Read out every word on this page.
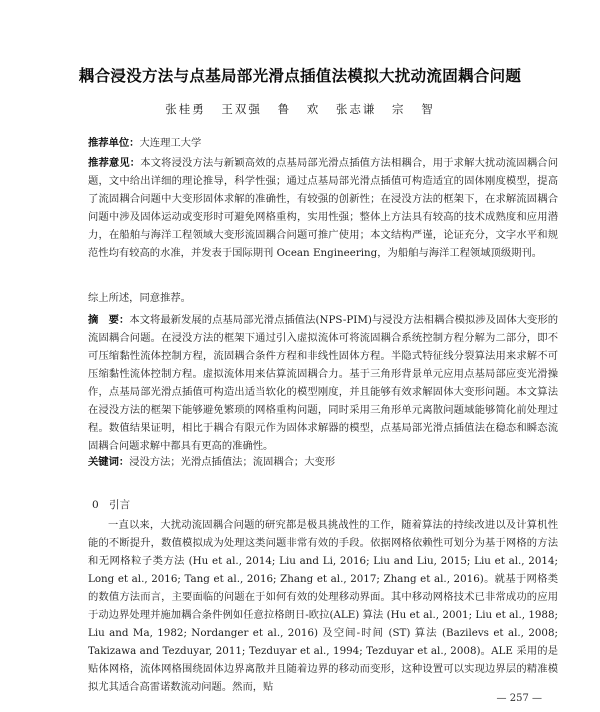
耦合浸没方法与点基局部光滑点插值法模拟大扰动流固耦合问题
张桂勇 王双强 鲁 欢 张志谦 宗 智
推荐单位：大连理工大学
推荐意见：本文将浸没方法与新颖高效的点基局部光滑点插值方法相耦合，用于求解大扰动流固耦合问题，文中给出详细的理论推导，科学性强；通过点基局部光滑点插值可构造适宜的固体刚度模型，提高了流固耦合问题中大变形固体求解的准确性，有较强的创新性；在浸没方法的框架下，在求解流固耦合问题中涉及固体运动或变形时可避免网格重构，实用性强；整体上方法具有较高的技术成熟度和应用潜力，在船舶与海洋工程领域大变形流固耦合问题可推广使用；本文结构严谨，论证充分，文字水平和规范性均有较高的水准，并发表于国际期刊 Ocean Engineering，为船舶与海洋工程领域顶级期刊。
综上所述，同意推荐。
摘　要：本文将最新发展的点基局部光滑点插值法(NPS-PIM)与浸没方法相耦合模拟涉及固体大变形的流固耦合问题。在浸没方法的框架下通过引入虚拟流体可将流固耦合系统控制方程分解为二部分，即不可压缩黏性流体控制方程，流固耦合条件方程和非线性固体方程。半隐式特征线分裂算法用来求解不可压缩黏性流体控制方程。虚拟流体用来估算流固耦合力。基于三角形背景单元应用点基局部应变光滑操作，点基局部光滑点插值可构造出适当软化的模型刚度，并且能够有效求解固体大变形问题。本文算法在浸没方法的框架下能够避免繁琐的网格重构问题，同时采用三角形单元离散问题域能够简化前处理过程。数值结果证明，相比于耦合有限元作为固体求解器的模型，点基局部光滑点插值法在稳态和瞬态流固耦合问题求解中都具有更高的准确性。
关键词：浸没方法；光滑点插值法；流固耦合；大变形
0　引言
一直以来，大扰动流固耦合问题的研究都是极具挑战性的工作，随着算法的持续改进以及计算机性能的不断提升，数值模拟成为处理这类问题非常有效的手段。依据网格依赖性可划分为基于网格的方法和无网格粒子类方法 (Hu et al., 2014; Liu and Li, 2016; Liu and Liu, 2015; Liu et al., 2014; Long et al., 2016; Tang et al., 2016; Zhang et al., 2017; Zhang et al., 2016)。就基于网格类的数值方法而言，主要面临的问题在于如何有效的处理移动界面。其中移动网格技术已非常成功的应用于动边界处理并施加耦合条件例如任意拉格朗日-欧拉(ALE) 算法 (Hu et al., 2001; Liu et al., 1988; Liu and Ma, 1982; Nordanger et al., 2016) 及空间-时间 (ST) 算法 (Bazilevs et al., 2008; Takizawa and Tezduyar, 2011; Tezduyar et al., 1994; Tezduyar et al., 2008)。ALE 采用的是贴体网格，流体网格围绕固体边界离散并且随着边界的移动而变形，这种设置可以实现边界层的精准模拟尤其适合高雷诺数流动问题。然而，贴
— 257 —
